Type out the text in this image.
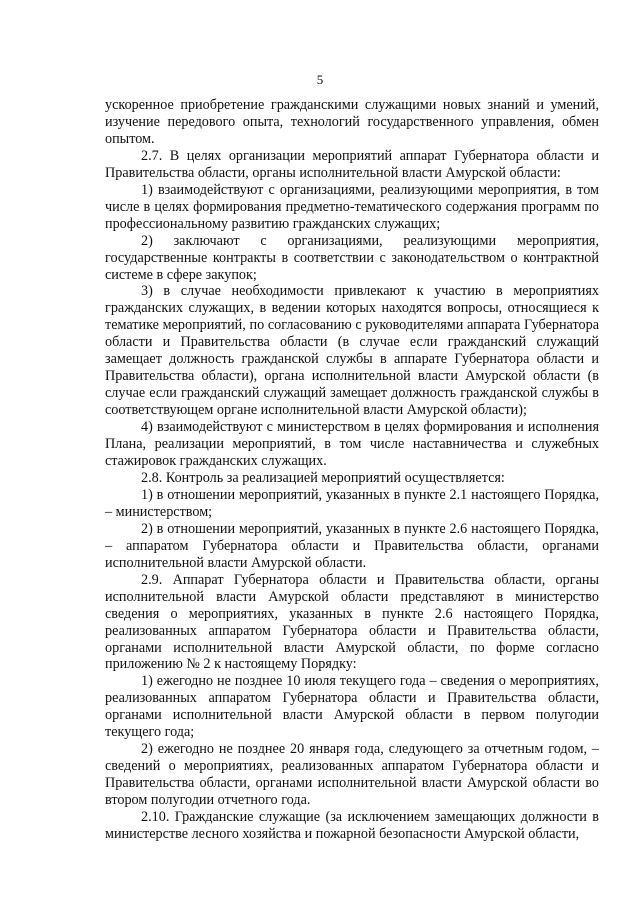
5

ускоренное приобретение гражданскими служащими новых знаний и умений, изучение передового опыта, технологий государственного управления, обмен опытом.

2.7. В целях организации мероприятий аппарат Губернатора области и Правительства области, органы исполнительной власти Амурской области:

1) взаимодействуют с организациями, реализующими мероприятия, в том числе в целях формирования предметно-тематического содержания программ по профессиональному развитию гражданских служащих;

2) заключают с организациями, реализующими мероприятия, государственные контракты в соответствии с законодательством о контрактной системе в сфере закупок;

3) в случае необходимости привлекают к участию в мероприятиях гражданских служащих, в ведении которых находятся вопросы, относящиеся к тематике мероприятий, по согласованию с руководителями аппарата Губернатора области и Правительства области (в случае если гражданский служащий замещает должность гражданской службы в аппарате Губернатора области и Правительства области), органа исполнительной власти Амурской области (в случае если гражданский служащий замещает должность гражданской службы в соответствующем органе исполнительной власти Амурской области);

4) взаимодействуют с министерством в целях формирования и исполнения Плана, реализации мероприятий, в том числе наставничества и служебных стажировок гражданских служащих.

2.8. Контроль за реализацией мероприятий осуществляется:

1) в отношении мероприятий, указанных в пункте 2.1 настоящего Порядка, – министерством;

2) в отношении мероприятий, указанных в пункте 2.6 настоящего Порядка, – аппаратом Губернатора области и Правительства области, органами исполнительной власти Амурской области.

2.9. Аппарат Губернатора области и Правительства области, органы исполнительной власти Амурской области представляют в министерство сведения о мероприятиях, указанных в пункте 2.6 настоящего Порядка, реализованных аппаратом Губернатора области и Правительства области, органами исполнительной власти Амурской области, по форме согласно приложению № 2 к настоящему Порядку:

1) ежегодно не позднее 10 июля текущего года – сведения о мероприятиях, реализованных аппаратом Губернатора области и Правительства области, органами исполнительной власти Амурской области в первом полугодии текущего года;

2) ежегодно не позднее 20 января года, следующего за отчетным годом, – сведений о мероприятиях, реализованных аппаратом Губернатора области и Правительства области, органами исполнительной власти Амурской области во втором полугодии отчетного года.

2.10. Гражданские служащие (за исключением замещающих должности в министерстве лесного хозяйства и пожарной безопасности Амурской области,
